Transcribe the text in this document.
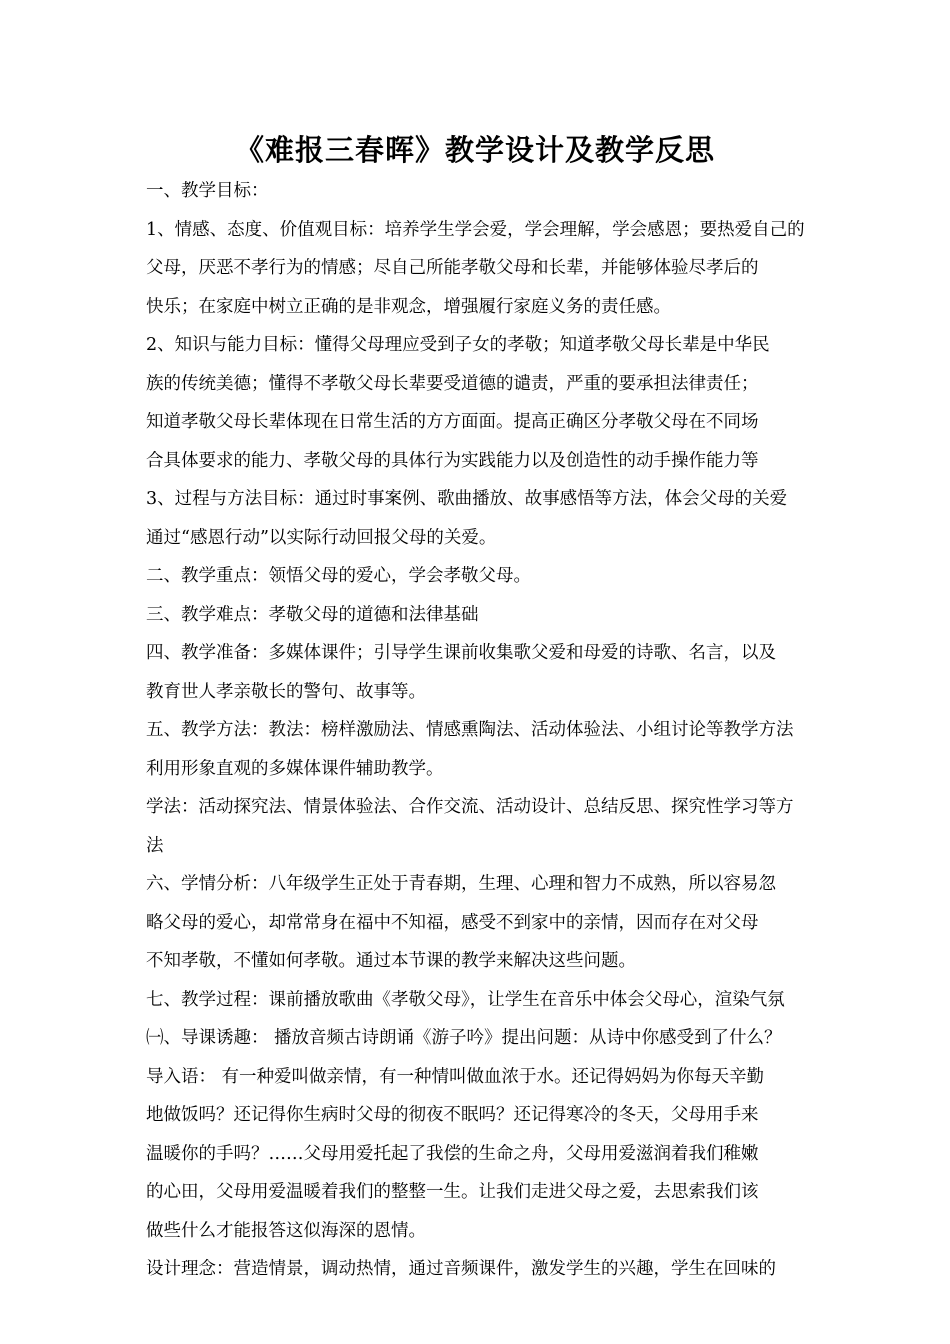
《难报三春晖》教学设计及教学反思
一、教学目标：
1、情感、态度、价值观目标：培养学生学会爱，学会理解，学会感恩；要热爱自己的
父母，厌恶不孝行为的情感；尽自己所能孝敬父母和长辈，并能够体验尽孝后的
快乐；在家庭中树立正确的是非观念，增强履行家庭义务的责任感。
2、知识与能力目标：懂得父母理应受到子女的孝敬；知道孝敬父母长辈是中华民
族的传统美德；懂得不孝敬父母长辈要受道德的谴责，严重的要承担法律责任；
知道孝敬父母长辈体现在日常生活的方方面面。提高正确区分孝敬父母在不同场
合具体要求的能力、孝敬父母的具体行为实践能力以及创造性的动手操作能力等
3、过程与方法目标：通过时事案例、歌曲播放、故事感悟等方法，体会父母的关爱
通过“感恩行动”以实际行动回报父母的关爱。
二、教学重点：领悟父母的爱心，学会孝敬父母。
三、教学难点：孝敬父母的道德和法律基础
四、教学准备：多媒体课件；引导学生课前收集歌父爱和母爱的诗歌、名言，以及
教育世人孝亲敬长的警句、故事等。
五、教学方法：教法：榜样激励法、情感熏陶法、活动体验法、小组讨论等教学方法
利用形象直观的多媒体课件辅助教学。
学法：活动探究法、情景体验法、合作交流、活动设计、总结反思、探究性学习等方
法
六、学情分析：八年级学生正处于青春期，生理、心理和智力不成熟，所以容易忽
略父母的爱心，却常常身在福中不知福，感受不到家中的亲情，因而存在对父母
不知孝敬，不懂如何孝敬。通过本节课的教学来解决这些问题。
七、教学过程：课前播放歌曲《孝敬父母》，让学生在音乐中体会父母心，渲染气氛
㈠、导课诱趣： 播放音频古诗朗诵《游子吟》提出问题：从诗中你感受到了什么？
导入语： 有一种爱叫做亲情，有一种情叫做血浓于水。还记得妈妈为你每天辛勤
地做饭吗？还记得你生病时父母的彻夜不眠吗？还记得寒冷的冬天，父母用手来
温暖你的手吗？……父母用爱托起了我偿的生命之舟，父母用爱滋润着我们稚嫩
的心田，父母用爱温暖着我们的整整一生。让我们走进父母之爱，去思索我们该
做些什么才能报答这似海深的恩情。
设计理念：营造情景，调动热情，通过音频课件，激发学生的兴趣，学生在回味的
